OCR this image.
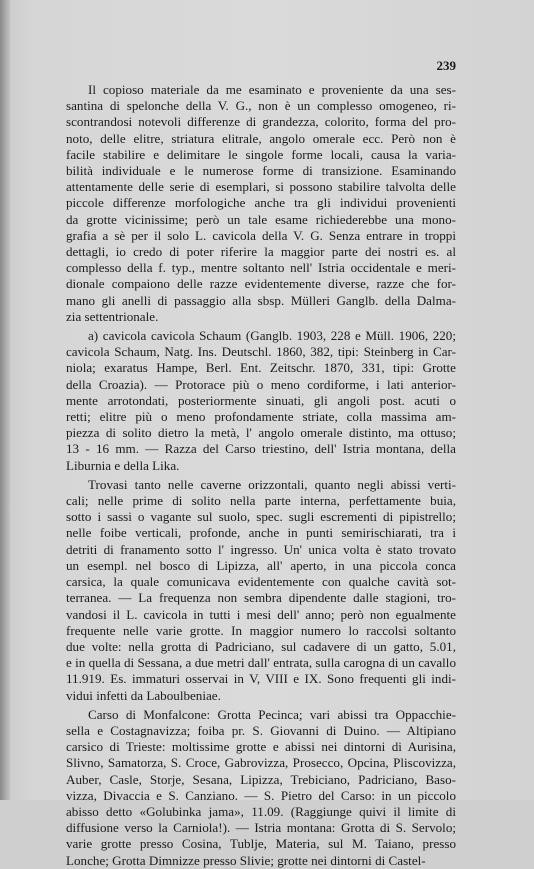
239

Il copioso materiale da me esaminato e proveniente da una ses-
santina di spelonche della V. G., non è un complesso omogeneo, ri-
scontrandosi notevoli differenze di grandezza, colorito, forma del pro-
noto, delle elitre, striatura elitrale, angolo omerale ecc. Però non è
facile stabilire e delimitare le singole forme locali, causa la varia-
bilità individuale e le numerose forme di transizione. Esaminando
attentamente delle serie di esemplari, si possono stabilire talvolta delle
piccole differenze morfologiche anche tra gli individui provenienti
da grotte vicinissime; però un tale esame richiederebbe una mono-
grafia a sè per il solo L. cavicola della V. G. Senza entrare in troppi
dettagli, io credo di poter riferire la maggior parte dei nostri es. al
complesso della f. typ., mentre soltanto nell' Istria occidentale e meri-
dionale compaiono delle razze evidentemente diverse, razze che for-
mano gli anelli di passaggio alla sbsp. Mülleri Ganglb. della Dalma-
zia settentrionale.

a) cavicola cavicola Schaum (Ganglb. 1903, 228 e Müll. 1906, 220;
cavicola Schaum, Natg. Ins. Deutschl. 1860, 382, tipi: Steinberg in Car-
niola; exaratus Hampe, Berl. Ent. Zeitschr. 1870, 331, tipi: Grotte
della Croazia). — Protorace più o meno cordiforme, i lati anterior-
mente arrotondati, posteriormente sinuati, gli angoli post. acuti o
retti; elitre più o meno profondamente striate, colla massima am-
piezza di solito dietro la metà, l' angolo omerale distinto, ma ottuso;
13 - 16 mm. — Razza del Carso triestino, dell' Istria montana, della
Liburnia e della Lika.

Trovasi tanto nelle caverne orizzontali, quanto negli abissi verti-
cali; nelle prime di solito nella parte interna, perfettamente buia,
sotto i sassi o vagante sul suolo, spec. sugli escrementi di pipistrello;
nelle foibe verticali, profonde, anche in punti semirischiarati, tra i
detriti di franamento sotto l' ingresso. Un' unica volta è stato trovato
un esempl. nel bosco di Lipizza, all' aperto, in una piccola conca
carsica, la quale comunicava evidentemente con qualche cavità sot-
terranea. — La frequenza non sembra dipendente dalle stagioni, tro-
vandosi il L. cavicola in tutti i mesi dell' anno; però non egualmente
frequente nelle varie grotte. In maggior numero lo raccolsi soltanto
due volte: nella grotta di Padriciano, sul cadavere di un gatto, 5.01,
e in quella di Sessana, a due metri dall' entrata, sulla carogna di un cavallo
11.919. Es. immaturi osservai in V, VIII e IX. Sono frequenti gli indi-
vidui infetti da Laboulbeniae.

Carso di Monfalcone: Grotta Pecinca; vari abissi tra Oppacchie-
sella e Costagnavizza; foiba pr. S. Giovanni di Duino. — Altipiano
carsico di Trieste: moltissime grotte e abissi nei dintorni di Aurisina,
Slivno, Samatorza, S. Croce, Gabrovizza, Prosecco, Opcina, Pliscovizza,
Auber, Casle, Storje, Sesana, Lipizza, Trebiciano, Padriciano, Baso-
vizza, Divaccia e S. Canziano. — S. Pietro del Carso: in un piccolo
abisso detto «Golubinka jama», 11.09. (Raggiunge quivi il limite di
diffusione verso la Carniola!). — Istria montana: Grotta di S. Servolo;
varie grotte presso Cosina, Tublje, Materia, sul M. Taiano, presso
Lonche; Grotta Dimnizze presso Slivie; grotte nei dintorni di Castel-
